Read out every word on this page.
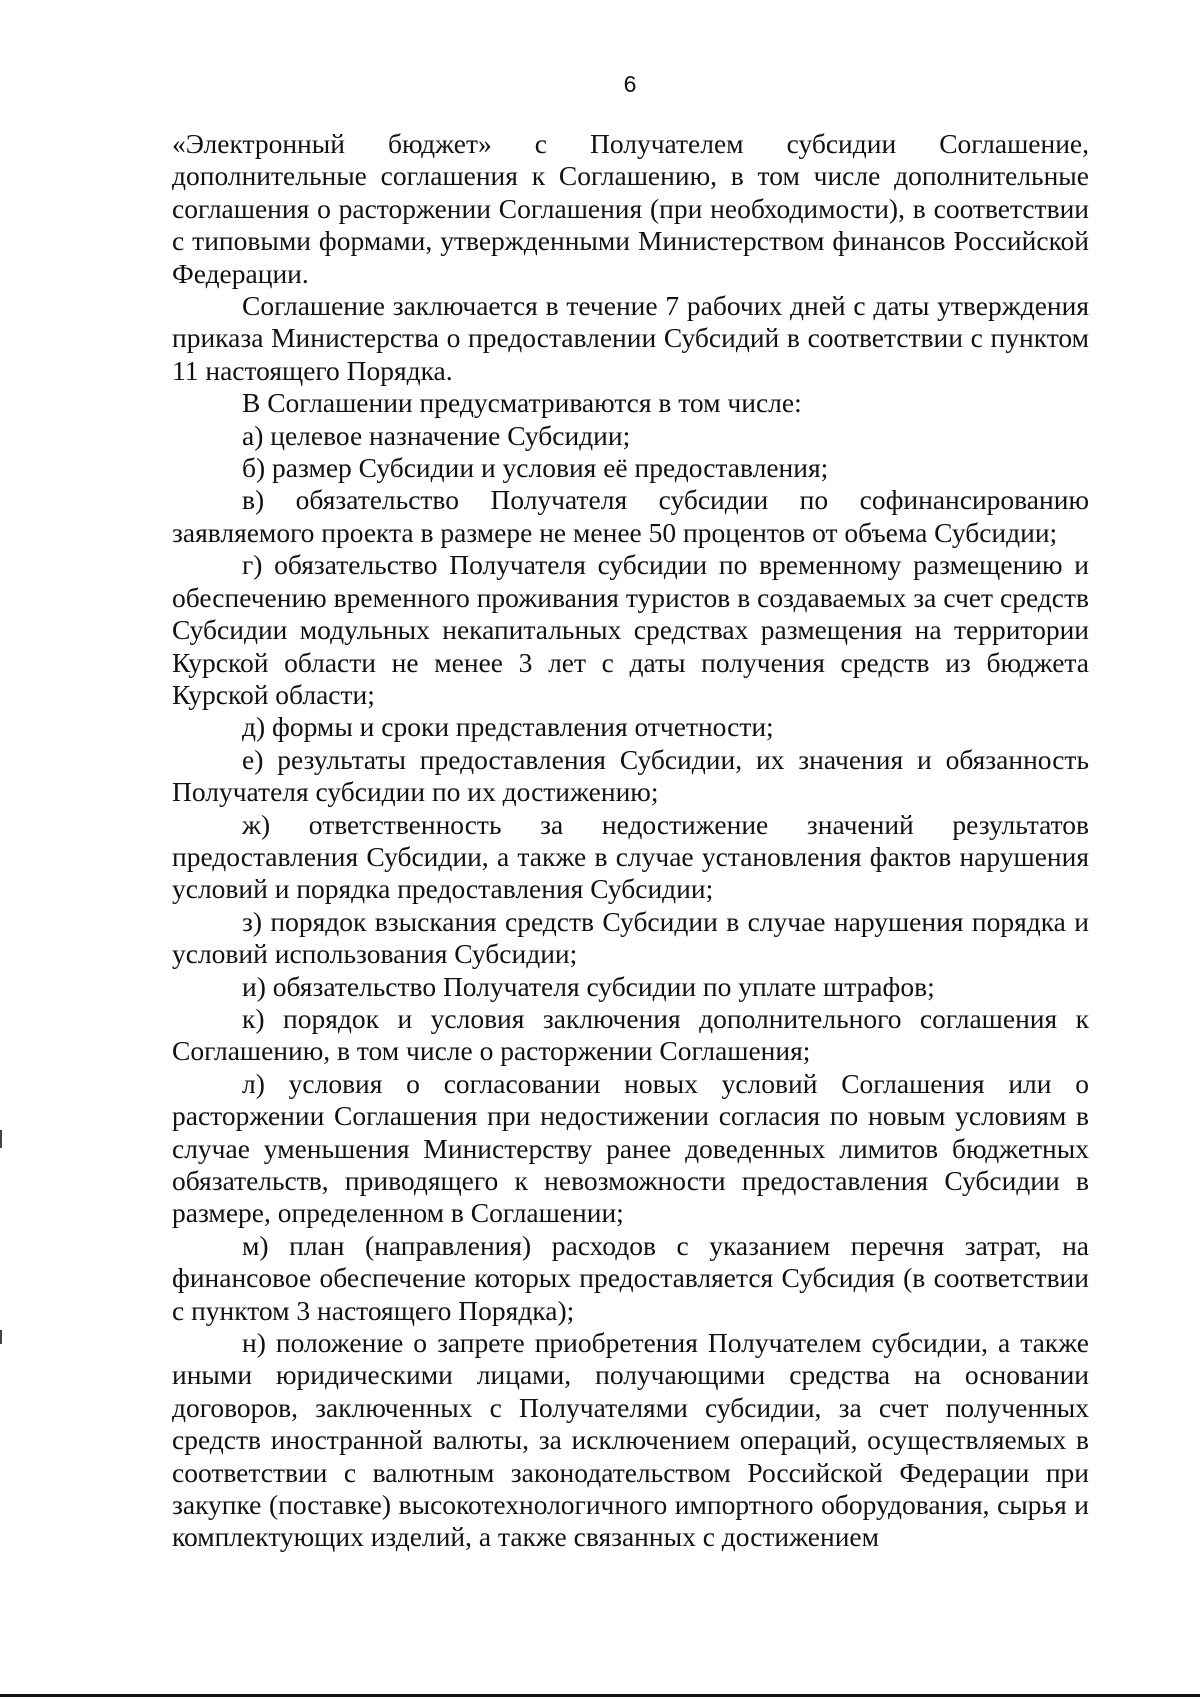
6

«Электронный бюджет» с Получателем субсидии Соглашение, дополнительные соглашения к Соглашению, в том числе дополнительные соглашения о расторжении Соглашения (при необходимости), в соответствии с типовыми формами, утвержденными Министерством финансов Российской Федерации.

Соглашение заключается в течение 7 рабочих дней с даты утверждения приказа Министерства о предоставлении Субсидий в соответствии с пунктом 11 настоящего Порядка.

В Соглашении предусматриваются в том числе:

а) целевое назначение Субсидии;

б) размер Субсидии и условия её предоставления;

в) обязательство Получателя субсидии по софинансированию заявляемого проекта в размере не менее 50 процентов от объема Субсидии;

г) обязательство Получателя субсидии по временному размещению и обеспечению временного проживания туристов в создаваемых за счет средств Субсидии модульных некапитальных средствах размещения на территории Курской области не менее 3 лет с даты получения средств из бюджета Курской области;

д) формы и сроки представления отчетности;

е) результаты предоставления Субсидии, их значения и обязанность Получателя субсидии по их достижению;

ж) ответственность за недостижение значений результатов предоставления Субсидии, а также в случае установления фактов нарушения условий и порядка предоставления Субсидии;

з) порядок взыскания средств Субсидии в случае нарушения порядка и условий использования Субсидии;

и) обязательство Получателя субсидии по уплате штрафов;

к) порядок и условия заключения дополнительного соглашения к Соглашению, в том числе о расторжении Соглашения;

л) условия о согласовании новых условий Соглашения или о расторжении Соглашения при недостижении согласия по новым условиям в случае уменьшения Министерству ранее доведенных лимитов бюджетных обязательств, приводящего к невозможности предоставления Субсидии в размере, определенном в Соглашении;

м) план (направления) расходов с указанием перечня затрат, на финансовое обеспечение которых предоставляется Субсидия (в соответствии с пунктом 3 настоящего Порядка);

н) положение о запрете приобретения Получателем субсидии, а также иными юридическими лицами, получающими средства на основании договоров, заключенных с Получателями субсидии, за счет полученных средств иностранной валюты, за исключением операций, осуществляемых в соответствии с валютным законодательством Российской Федерации при закупке (поставке) высокотехнологичного импортного оборудования, сырья и комплектующих изделий, а также связанных с достижением
